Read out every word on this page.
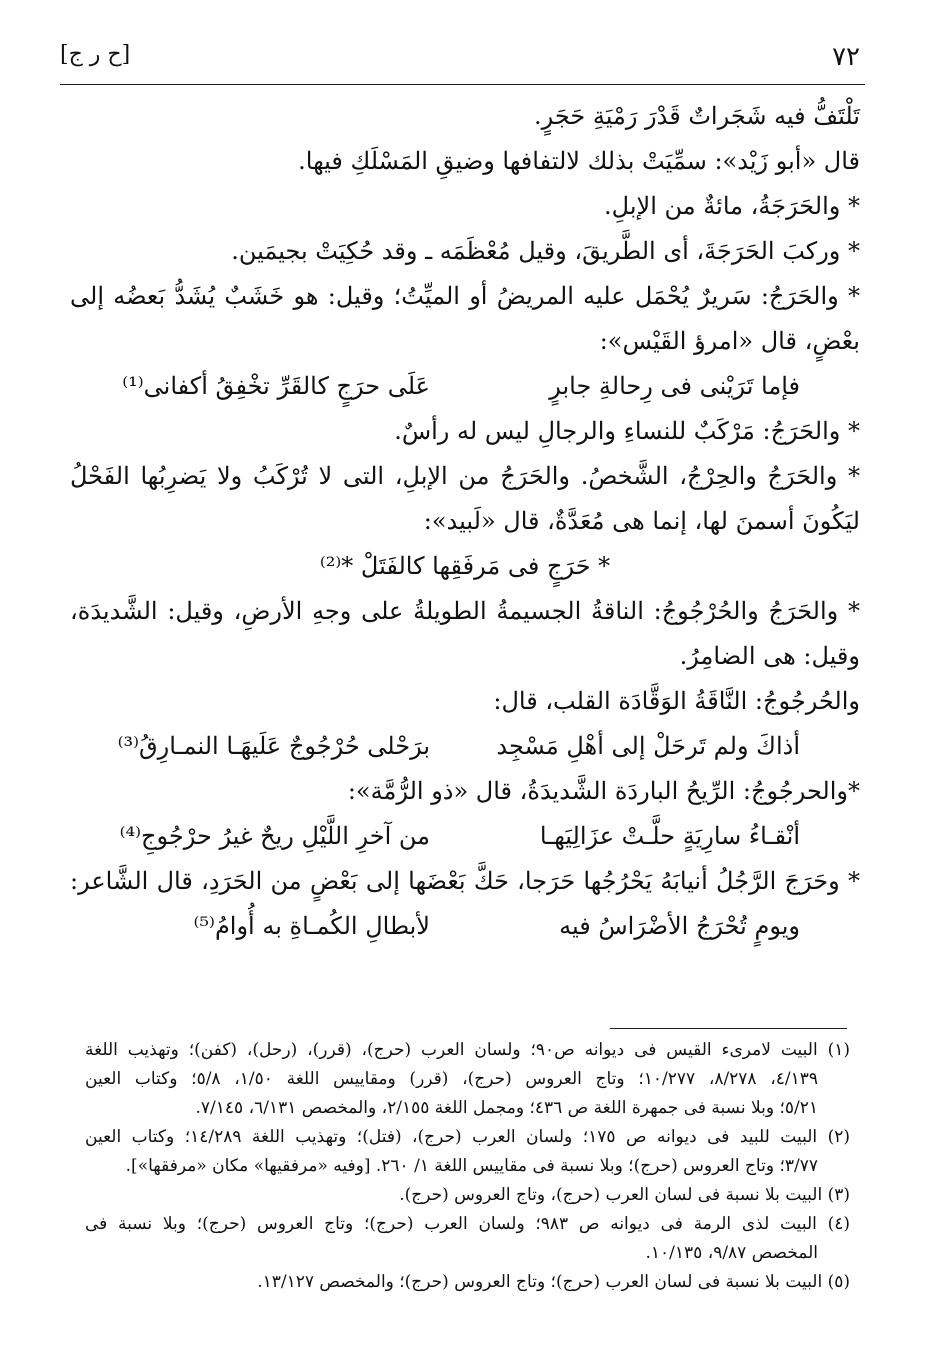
[ح ر ج]	٧٢
تَلْتَفُّ فيه شَجَراتٌ قَدْرَ رَمْيَةِ حَجَرٍ.
قال «أبو زَيْد»: سمِّيَتْ بذلك لالتفافها وضيقِ المَسْلَكِ فيها.
* والحَرَجَةُ، مائةٌ من الإبلِ.
* وركبَ الحَرَجَةَ، أى الطَّريقَ، وقيل مُعْظَمَه ـ وقد حُكِيَتْ بجيمَين.
* والحَرَجُ: سَريرٌ يُحْمَل عليه المريضُ أو الميِّتُ؛ وقيل: هو خَشَبٌ يُشَدُّ بَعضُه إلى
بعْضٍ، قال «امرؤ القَيْس»:
فإما تَرَيْنى فى رِحالةِ جابرٍ
عَلَى حرَجٍ كالقَرِّ تخْفِقُ أكفانى⁽¹⁾
* والحَرَجُ: مَرْكَبٌ للنساءِ والرجالِ ليس له رأسٌ.
* والحَرَجُ والحِرْجُ، الشَّخصُ. والحَرَجُ من الإبلِ، التى لا تُرْكَبُ ولا يَضرِبُها الفَحْلُ
ليَكُونَ أسمنَ لها، إنما هى مُعَدَّةٌ، قال «لَبيد»:
* حَرَجٍ فى مَرفَقِها كالفَتَلْ *⁽²⁾
* والحَرَجُ والحُرْجُوجُ: الناقةُ الجسيمةُ الطويلةُ على وجهِ الأرضِ، وقيل: الشَّديدَة،
وقيل: هى الضامِرُ.
والحُرجُوجُ: النَّاقَةُ الوَقَّادَة القلب، قال:
أذاكَ ولم تَرحَلْ إلى أهْلِ مَسْجِد
برَحْلى حُرْجُوجٌ عَلَيهَـا النمـارِقُ⁽³⁾
*والحرجُوجُ: الرِّيحُ الباردَة الشَّديدَةُ، قال «ذو الرُّمَّة»:
أنْقـاءُ سارِيَةٍ حلَّـتْ عزَالِيَهـا
من آخرِ اللَّيْلِ ريحٌ غيرُ حرْجُوجِ⁽⁴⁾
* وحَرَجَ الرَّجُلُ أنيابَهُ يَحْرُجُها حَرَجا، حَكَّ بَعْضَها إلى بَعْضٍ من الحَرَدِ، قال الشَّاعر:
ويومٍ تُحْرَجُ الأضْرَاسُ فيه
لأبطالِ الكُمـاةِ به أُوامُ⁽⁵⁾
(١) البيت لامرىء القيس فى ديوانه ص٩٠؛ ولسان العرب (حرج)، (قرر)، (رحل)، (كفن)؛ وتهذيب اللغة
٤/١٣٩، ٨/٢٧٨، ١٠/٢٧٧؛ وتاج العروس (حرج)، (قرر) ومقاييس اللغة ١/٥٠، ٥/٨؛ وكتاب العين
٥/٢١؛ وبلا نسبة فى جمهرة اللغة ص ٤٣٦؛ ومجمل اللغة ٢/١٥٥، والمخصص ٦/١٣١، ٧/١٤٥.
(٢) البيت للبيد فى ديوانه ص ١٧٥؛ ولسان العرب (حرج)، (فتل)؛ وتهذيب اللغة ١٤/٢٨٩؛ وكتاب العين
٣/٧٧؛ وتاج العروس (حرج)؛ وبلا نسبة فى مقاييس اللغة ١/ ٢٦٠. [وفيه «مرفقيها» مكان «مرفقها»].
(٣) البيت بلا نسبة فى لسان العرب (حرج)، وتاج العروس (حرج).
(٤) البيت لذى الرمة فى ديوانه ص ٩٨٣؛ ولسان العرب (حرج)؛ وتاج العروس (حرج)؛ وبلا نسبة فى
المخصص ٩/٨٧، ١٠/١٣٥.
(٥) البيت بلا نسبة فى لسان العرب (حرج)؛ وتاج العروس (حرج)؛ والمخصص ١٣/١٢٧.
